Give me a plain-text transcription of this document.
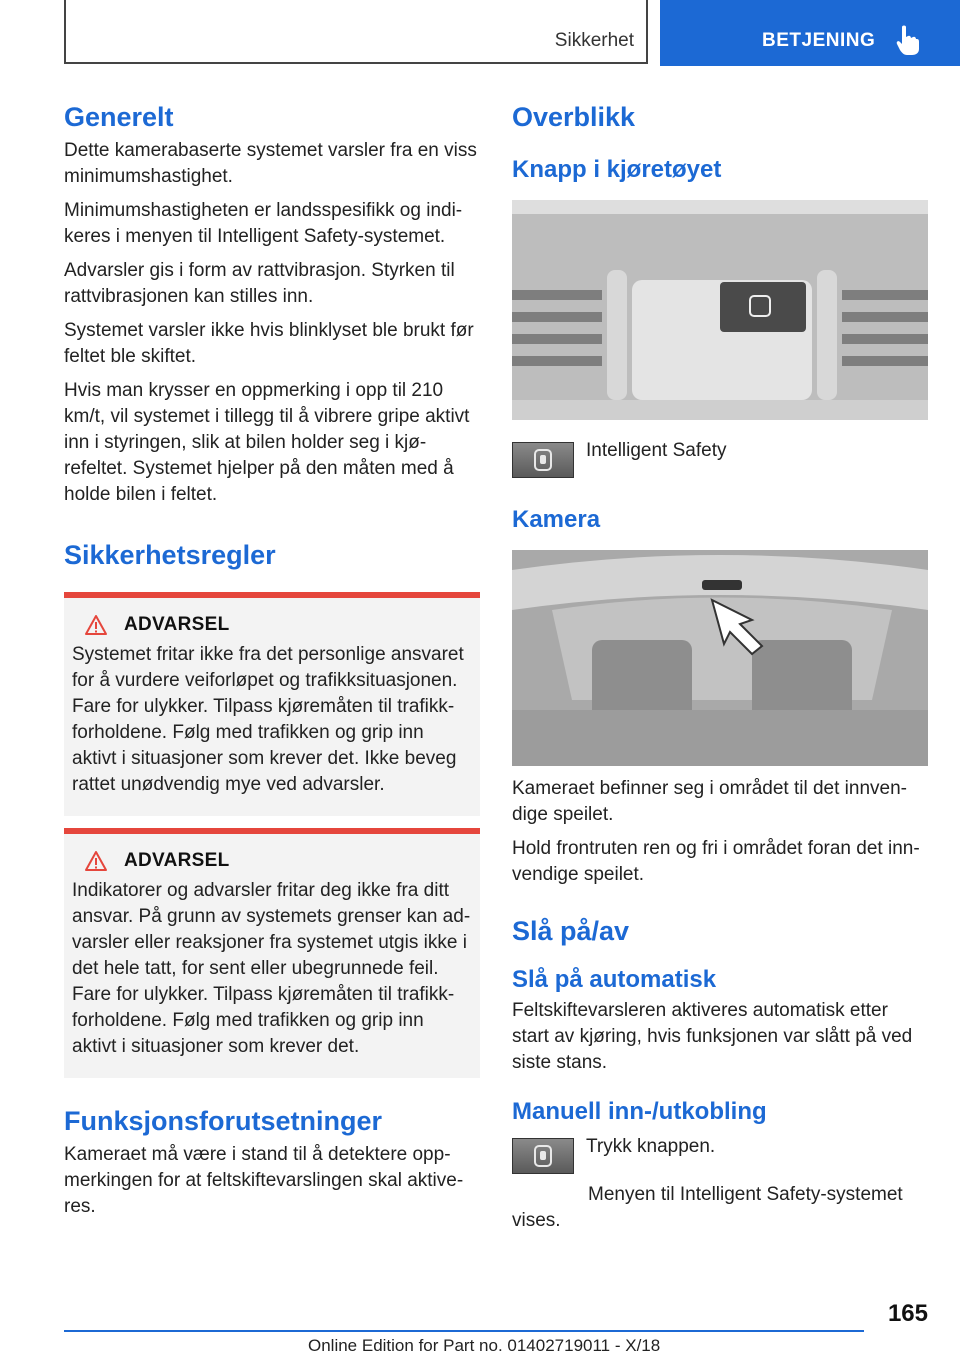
Sikkerhet	BETJENING
Generelt

Dette kamerabaserte systemet varsler fra en viss minimumshastighet.

Minimumshastigheten er landsspesifikk og indi-keres i menyen til Intelligent Safety-systemet.

Advarsler gis i form av rattvibrasjon. Styrken til rattvibrasjonen kan stilles inn.

Systemet varsler ikke hvis blinklyset ble brukt før feltet ble skiftet.

Hvis man krysser en oppmerking i opp til 210 km/t, vil systemet i tillegg til å vibrere gripe aktivt inn i styringen, slik at bilen holder seg i kjø-refeltet. Systemet hjelper på den måten med å holde bilen i feltet.

Sikkerhetsregler
ADVARSEL

Systemet fritar ikke fra det personlige ansvaret for å vurdere veiforløpet og trafikksituasjonen. Fare for ulykker. Tilpass kjøremåten til trafikk-forholdene. Følg med trafikken og grip inn aktivt i situasjoner som krever det. Ikke beveg rattet unødvendig mye ved advarsler.

ADVARSEL

Indikatorer og advarsler fritar deg ikke fra ditt ansvar. På grunn av systemets grenser kan ad-varsler eller reaksjoner fra systemet utgis ikke i det hele tatt, for sent eller ubegrunnede feil. Fare for ulykker. Tilpass kjøremåten til trafikk-forholdene. Følg med trafikken og grip inn aktivt i situasjoner som krever det.

Funksjonsforutsetninger

Kameraet må være i stand til å detektere opp-merkingen for at feltskiftevarslingen skal aktive-res.

Overblikk
Knapp i kjøretøyet

Intelligent Safety

Kamera

Kameraet befinner seg i området til det innven-dige speilet.

Hold frontruten ren og fri i området foran det inn-vendige speilet.

Slå på/av
Slå på automatisk

Feltskiftevarsleren aktiveres automatisk etter start av kjøring, hvis funksjonen var slått på ved siste stans.

Manuell inn-/utkobling

Trykk knappen.

Menyen til Intelligent Safety-systemet vises.

165
Online Edition for Part no. 01402719011 - X/18
